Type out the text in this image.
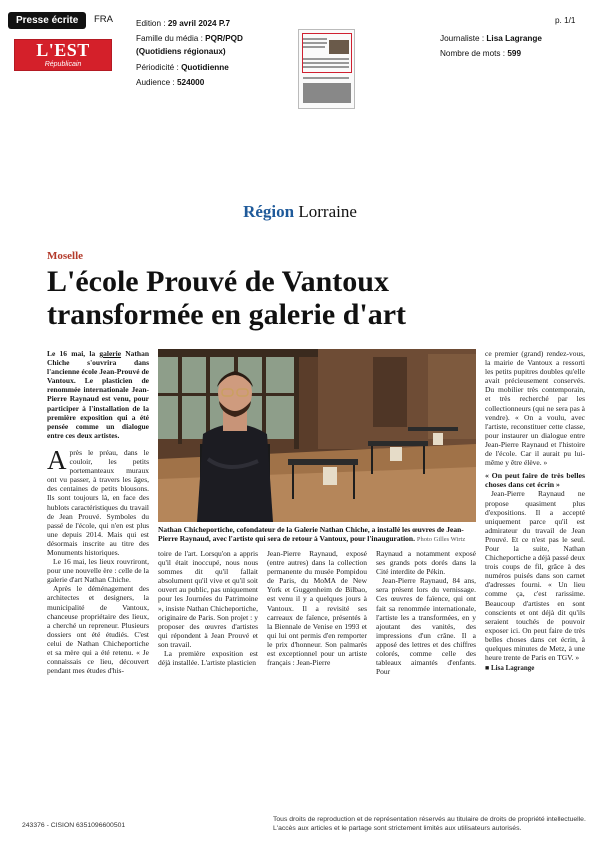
Presse écrite	FRA
L'EST
Républicain
Edition : 29 avril 2024 P.7
Famille du média : PQR/PQD (Quotidiens régionaux)
Périodicité : Quotidienne
Audience : 524000
Journaliste : Lisa Lagrange
Nombre de mots : 599
p. 1/1
Région Lorraine
Moselle
L'école Prouvé de Vantoux
transformée en galerie d'art

Le 16 mai, la galerie Nathan Chiche s'ouvrira dans l'ancienne école Jean-Prouvé de Vantoux. Le plasticien de renommée internationale Jean-Pierre Raynaud est venu, pour participer à l'installation de la première exposition qui a été pensée comme un dialogue entre ces deux artistes.

Après le préau, dans le couloir, les petits portemanteaux muraux ont vu passer, à travers les âges, des centaines de petits blousons. Ils sont toujours là, en face des hublots caractéristiques du travail de Jean Prouvé. Symboles du passé de l'école, qui n'en est plus une depuis 2014. Mais qui est désormais inscrite au titre des Monuments historiques.

Le 16 mai, les lieux rouvriront, pour une nouvelle ère : celle de la galerie d'art Nathan Chiche.

Après le déménagement des architectes et designers, la municipalité de Vantoux, chanceuse propriétaire des lieux, a cherché un repreneur. Plusieurs dossiers ont été étudiés. C'est celui de Nathan Chicheportiche et sa mère qui a été retenu. « Je connaissais ce lieu, découvert pendant mes études d'his-

Nathan Chicheportiche, cofondateur de la Galerie Nathan Chiche, a installé les œuvres de Jean-Pierre Raynaud, avec l'artiste qui sera de retour à Vantoux, pour l'inauguration. Photo Gilles Wirtz

toire de l'art. Lorsqu'on a appris qu'il était inoccupé, nous nous sommes dit qu'il fallait absolument qu'il vive et qu'il soit ouvert au public, pas uniquement pour les Journées du Patrimoine », insiste Nathan Chicheportiche, originaire de Paris. Son projet : y proposer des œuvres d'artistes qui répondent à Jean Prouvé et son travail.

La première exposition est déjà installée. L'artiste plasticien

Jean-Pierre Raynaud, exposé (entre autres) dans la collection permanente du musée Pompidou de Paris, du MoMA de New York et Guggenheim de Bilbao, est venu il y a quelques jours à Vantoux. Il a revisité ses carreaux de faïence, présentés à la Biennale de Venise en 1993 et qui lui ont permis d'en remporter le prix d'honneur. Son palmarès est exceptionnel pour un artiste français : Jean-Pierre

Raynaud a notamment exposé ses grands pots dorés dans la Cité interdite de Pékin.

Jean-Pierre Raynaud, 84 ans, sera présent lors du vernissage. Ces œuvres de faïence, qui ont fait sa renommée internationale, l'artiste les a transformées, en y ajoutant des vanités, des impressions d'un crâne. Il a apposé des lettres et des chiffres colorés, comme celle des tableaux aimantés d'enfants. Pour

ce premier (grand) rendez-vous, la mairie de Vantoux a ressorti les petits pupitres doubles qu'elle avait précieusement conservés. Du mobilier très contemporain, et très recherché par les collectionneurs (qui ne sera pas à vendre). « On a voulu, avec l'artiste, reconstituer cette classe, pour instaurer un dialogue entre Jean-Pierre Raynaud et l'histoire de l'école. Car il aurait pu lui-même y être élève. »

« On peut faire de très belles choses dans cet écrin »

Jean-Pierre Raynaud ne propose quasiment plus d'expositions. Il a accepté uniquement parce qu'il est admirateur du travail de Jean Prouvé. Et ce n'est pas le seul. Pour la suite, Nathan Chicheportiche a déjà passé deux trois coups de fil, grâce à des numéros puisés dans son carnet d'adresses fourni. « Un lieu comme ça, c'est rarissime. Beaucoup d'artistes en sont conscients et ont déjà dit qu'ils seraient touchés de pouvoir exposer ici. On peut faire de très belles choses dans cet écrin, à quelques minutes de Metz, à une heure trente de Paris en TGV. »

■ Lisa Lagrange

243376 - CISION 6351096600501
Tous droits de reproduction et de représentation réservés au titulaire de droits de propriété intellectuelle.
L'accès aux articles et le partage sont strictement limités aux utilisateurs autorisés.
